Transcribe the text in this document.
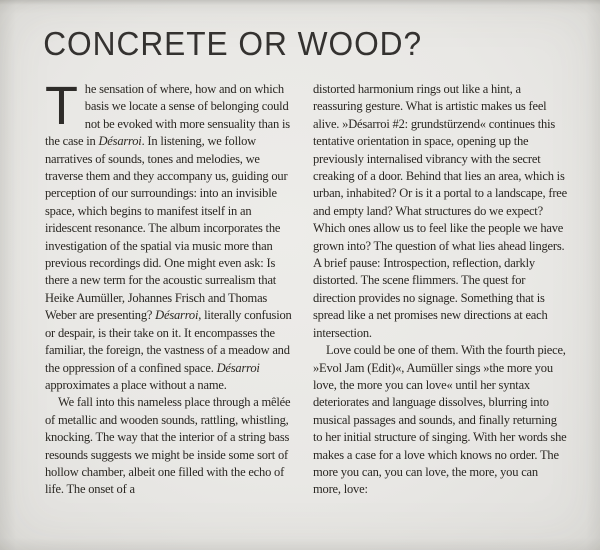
CONCRETE OR WOOD?

The sensation of where, how and on which basis we locate a sense of belonging could not be evoked with more sensuality than is the case in Désarroi. In listening, we follow narratives of sounds, tones and melodies, we traverse them and they accompany us, guiding our perception of our surroundings: into an invisible space, which begins to manifest itself in an iridescent resonance. The album incorporates the investigation of the spatial via music more than previous recordings did. One might even ask: Is there a new term for the acoustic surrealism that Heike Aumüller, Johannes Frisch and Thomas Weber are presenting? Désarroi, literally confusion or despair, is their take on it. It encompasses the familiar, the foreign, the vastness of a meadow and the oppression of a confined space. Désarroi approximates a place without a name.

We fall into this nameless place through a mêlée of metallic and wooden sounds, rattling, whistling, knocking. The way that the interior of a string bass resounds suggests we might be inside some sort of hollow chamber, albeit one filled with the echo of life. The onset of a

distorted harmonium rings out like a hint, a reassuring gesture. What is artistic makes us feel alive. »Désarroi #2: grundstürzend« continues this tentative orientation in space, opening up the previously internalised vibrancy with the secret creaking of a door. Behind that lies an area, which is urban, inhabited? Or is it a portal to a landscape, free and empty land? What structures do we expect? Which ones allow us to feel like the people we have grown into? The question of what lies ahead lingers. A brief pause: Introspection, reflection, darkly distorted. The scene flimmers. The quest for direction provides no signage. Something that is spread like a net promises new directions at each intersection.

Love could be one of them. With the fourth piece, »Evol Jam (Edit)«, Aumüller sings »the more you love, the more you can love« until her syntax deteriorates and language dissolves, blurring into musical passages and sounds, and finally returning to her initial structure of singing. With her words she makes a case for a love which knows no order. The more you can, you can love, the more, you can more, love:
